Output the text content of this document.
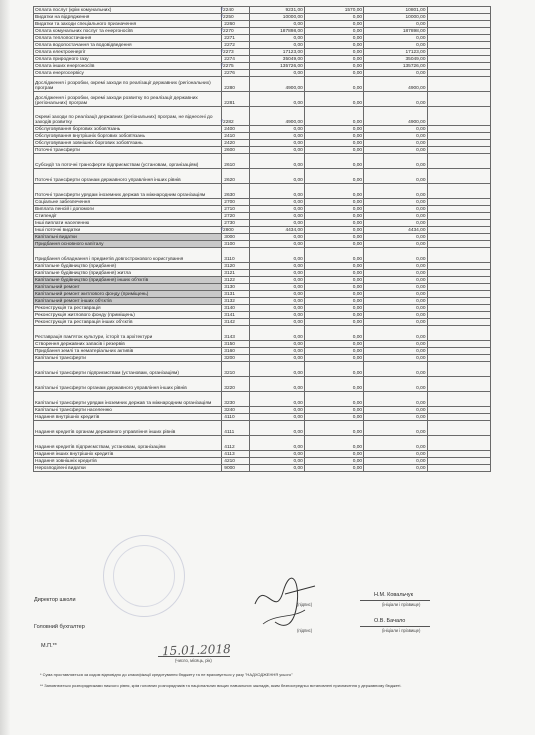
Оплата послуг (крім комунальних)	√2240	9231,00	1570,00	10801,00	
Видатки на відрядження	√2250	10000,00	0,00	10000,00	
Видатки та заходи спеціального призначення	2260	0,00	0,00	0,00	
Оплата комунальних послуг та енергоносіїв	√2270	187898,00	0,00	187898,00	
Оплата теплопостачання	2271	0,00	0,00	0,00	
Оплата водопостачання та водовідведення	2272	0,00	0,00	0,00	
Оплата електроенергії	√2273	17123,00	0,00	17123,00	
Оплата природного газу	2274	35049,00	0,00	35049,00	
Оплата інших енергоносіїв	√2275	135726,00	0,00	135726,00	
Оплата енергосервісу	2276	0,00	0,00	0,00	
Дослідження і розробки, окремі заходи по реалізації державних (регіональних) програм	2280	4900,00	0,00	4900,00	
Дослідження і розробки, окремі заходи розвитку по реалізації державних (регіональних) програм	2281	0,00	0,00	0,00	
Окремі заходи по реалізації державних (регіональних) програм, не віднесені до заходів розвитку	√2282	4900,00	0,00	4900,00	
Обслуговування боргових зобов'язань	2400	0,00	0,00	0,00	
Обслуговування внутрішніх боргових зобов'язань	2410	0,00	0,00	0,00	
Обслуговування зовнішніх боргових зобов'язань	2420	0,00	0,00	0,00	
Поточні трансферти	2600	0,00	0,00	0,00	
Субсидії та поточні трансферти підприємствам (установам, організаціям)	2610	0,00	0,00	0,00	
Поточні трансферти органам державного управління інших рівнів	2620	0,00	0,00	0,00	
Поточні трансферти урядам іноземних держав та міжнародним організаціям	2630	0,00	0,00	0,00	
Соціальне забезпечення	2700	0,00	0,00	0,00	
Виплата пенсій і допомоги	2710	0,00	0,00	0,00	
Стипендії	2720	0,00	0,00	0,00	
Інші виплати населенню	2730	0,00	0,00	0,00	
Інші поточні видатки	√2800	4434,00	0,00	4434,00	
Капітальні видатки	3000	0,00	0,00	0,00	
Придбання основного капіталу	3100	0,00	0,00	0,00	
Придбання обладнання і предметів довгострокового користування	3110	0,00	0,00	0,00	
Капітальне будівництво (придбання)	3120	0,00	0,00	0,00	
Капітальне будівництво (придбання) житла	3121	0,00	0,00	0,00	
Капітальне будівництво (придбання) інших об'єктів	3122	0,00	0,00	0,00	
Капітальний ремонт	3130	0,00	0,00	0,00	
Капітальний ремонт житлового фонду (приміщень)	3131	0,00	0,00	0,00	
Капітальний ремонт інших об'єктів	3132	0,00	0,00	0,00	
Реконструкція та реставрація	3140	0,00	0,00	0,00	
Реконструкція житлового фонду (приміщень)	3141	0,00	0,00	0,00	
Реконструкція та реставрація інших об'єктів	3142	0,00	0,00	0,00	
Реставрація пам'яток культури, історії та архітектури	3143	0,00	0,00	0,00	
Створення державних запасів і резервів	3150	0,00	0,00	0,00	
Придбання землі та нематеріальних активів	3160	0,00	0,00	0,00	
Капітальні трансферти	3200	0,00	0,00	0,00	
Капітальні трансферти підприємствам (установам, організаціям)	3210	0,00	0,00	0,00	
Капітальні трансферти органам державного управління інших рівнів	3220	0,00	0,00	0,00	
Капітальні трансферти урядам іноземних держав та міжнародним організаціям	3230	0,00	0,00	0,00	
Капітальні трансферти населенню	3240	0,00	0,00	0,00	
Надання внутрішніх кредитів	4110	0,00	0,00	0,00	
Надання кредитів органам державного управління інших рівнів	4111	0,00	0,00	0,00	
Надання кредитів підприємствам, установам, організаціям	4112	0,00	0,00	0,00	
Надання інших внутрішніх кредитів	4113	0,00	0,00	0,00	
Надання зовнішніх кредитів	4210	0,00	0,00	0,00	
Нерозподілені видатки	9000	0,00	0,00	0,00	
Директор школи
Н.М. Ковальчук
(ініціали і прізвище)
(підпис)
Головний бухгалтер
О.В. Бачало
(ініціали і прізвище)
(підпис)
М.П.**	15.01.2018
(число, місяць, рік)
* Сума проставляється за кодом відповідно до класифікації кредитування бюджету та не враховується у разу "НАДХОДЖЕННЯ усього"
** Заповнюється розпорядниками нижчого рівня, крім головних розпорядників та національних вищих навчальних закладів, яким безпосередньо встановлені призначення у державному бюджеті.
